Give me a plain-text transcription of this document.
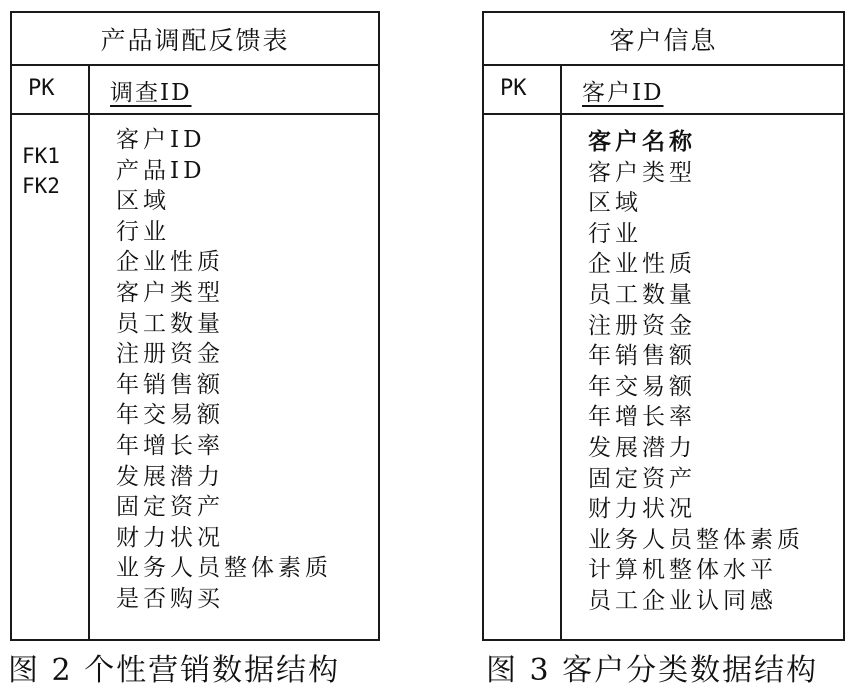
产品调配反馈表
PK 调查ID
FK1
FK2
客户ID
产品ID
区域
行业
企业性质
客户类型
员工数量
注册资金
年销售额
年交易额
年增长率
发展潜力
固定资产
财力状况
业务人员整体素质
是否购买
客户信息
PK 客户ID
客户名称
客户类型
区域
行业
企业性质
员工数量
注册资金
年销售额
年交易额
年增长率
发展潜力
固定资产
财力状况
业务人员整体素质
计算机整体水平
员工企业认同感
图 2 个性营销数据结构	图 3 客户分类数据结构
